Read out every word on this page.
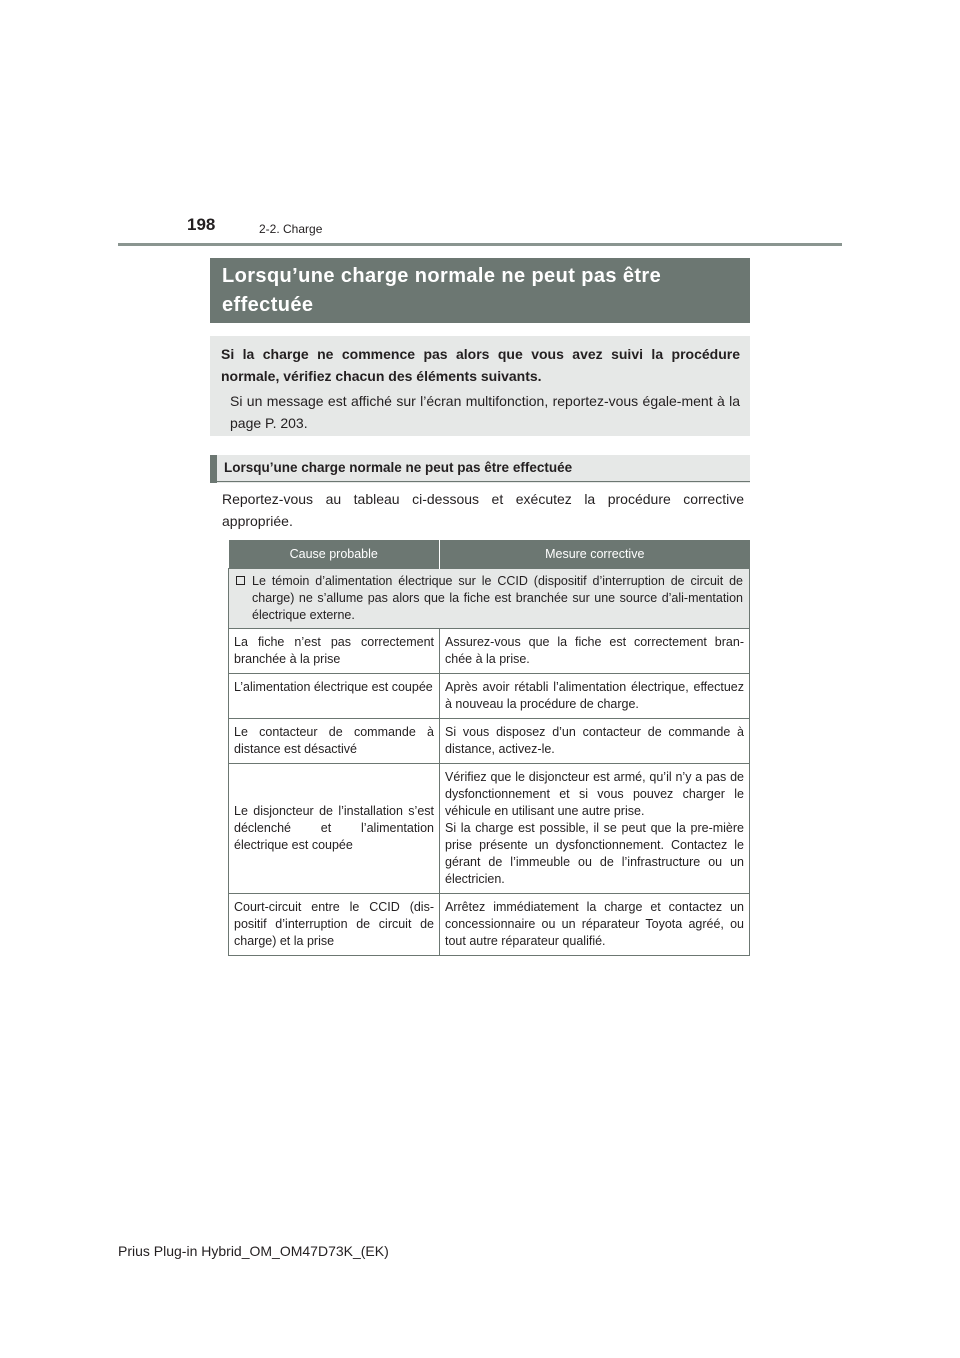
198	2-2. Charge
Lorsqu’une charge normale ne peut pas être effectuée
Si la charge ne commence pas alors que vous avez suivi la procédure normale, vérifiez chacun des éléments suivants.
Si un message est affiché sur l’écran multifonction, reportez-vous égale-ment à la page P. 203.
Lorsqu’une charge normale ne peut pas être effectuée
Reportez-vous au tableau ci-dessous et exécutez la procédure corrective appropriée.
Cause probable	Mesure corrective

Le témoin d’alimentation électrique sur le CCID (dispositif d’interruption de circuit de charge) ne s’allume pas alors que la fiche est branchée sur une source d’ali-mentation électrique externe.	

La fiche n’est pas correctement branchée à la prise	Assurez-vous que la fiche est correctement bran-chée à la prise.
L’alimentation électrique est coupée	Après avoir rétabli l’alimentation électrique, effectuez à nouveau la procédure de charge.
Le contacteur de commande à distance est désactivé	Si vous disposez d’un contacteur de commande à distance, activez-le.
Le disjoncteur de l’installation s’est déclenché et l’alimentation électrique est coupée	Vérifiez que le disjoncteur est armé, qu’il n’y a pas de dysfonctionnement et si vous pouvez charger le véhicule en utilisant une autre prise.
Si la charge est possible, il se peut que la pre-mière prise présente un dysfonctionnement. Contactez le gérant de l’immeuble ou de l’infrastructure ou un électricien.

Court-circuit entre le CCID (dis-positif d’interruption de circuit de charge) et la prise	Arrêtez immédiatement la charge et contactez un concessionnaire ou un réparateur Toyota agréé, ou tout autre réparateur qualifié.
Prius Plug-in Hybrid_OM_OM47D73K_(EK)
